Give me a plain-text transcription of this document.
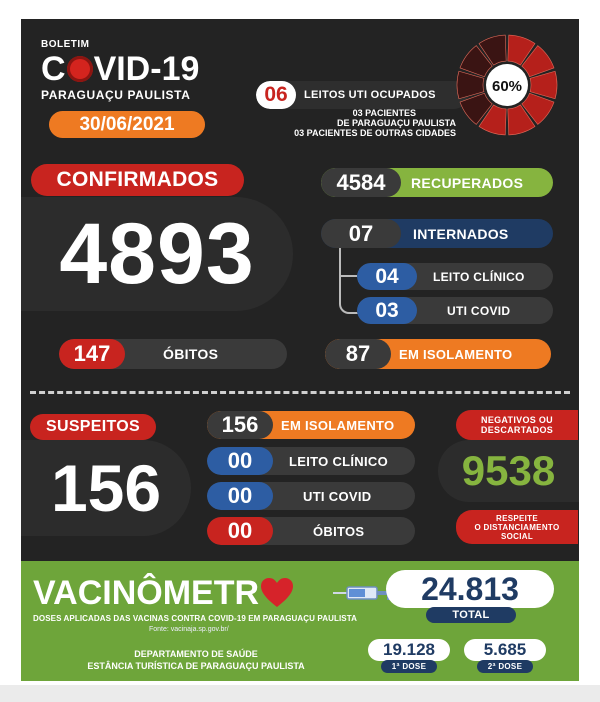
BOLETIM
C VID-19
PARAGUAÇU PAULISTA
30/06/2021
06 LEITOS UTI OCUPADOS
03 PACIENTES
DE PARAGUAÇU PAULISTA
03 PACIENTES DE OUTRAS CIDADES
60%
CONFIRMADOS
4893
4584 RECUPERADOS
07	INTERNADOS
04	LEITO CLÍNICO
03	UTI COVID
147	ÓBITOS	87 EM ISOLAMENTO
SUSPEITOS
156
156 EM ISOLAMENTO
00	LEITO CLÍNICO
00	UTI COVID
00	ÓBITOS
NEGATIVOS OU
DESCARTADOS
9538
RESPEITE
O DISTANCIAMENTO
SOCIAL
VACINÔMETR	24.813
TOTAL
DOSES APLICADAS DAS VACINAS CONTRA COVID-19 EM PARAGUAÇU PAULISTA
Fonte: vacinaja.sp.gov.br/
DEPARTAMENTO DE SAÚDE
ESTÂNCIA TURÍSTICA DE PARAGUAÇU PAULISTA
19.128
1ª DOSE
5.685
2ª DOSE
